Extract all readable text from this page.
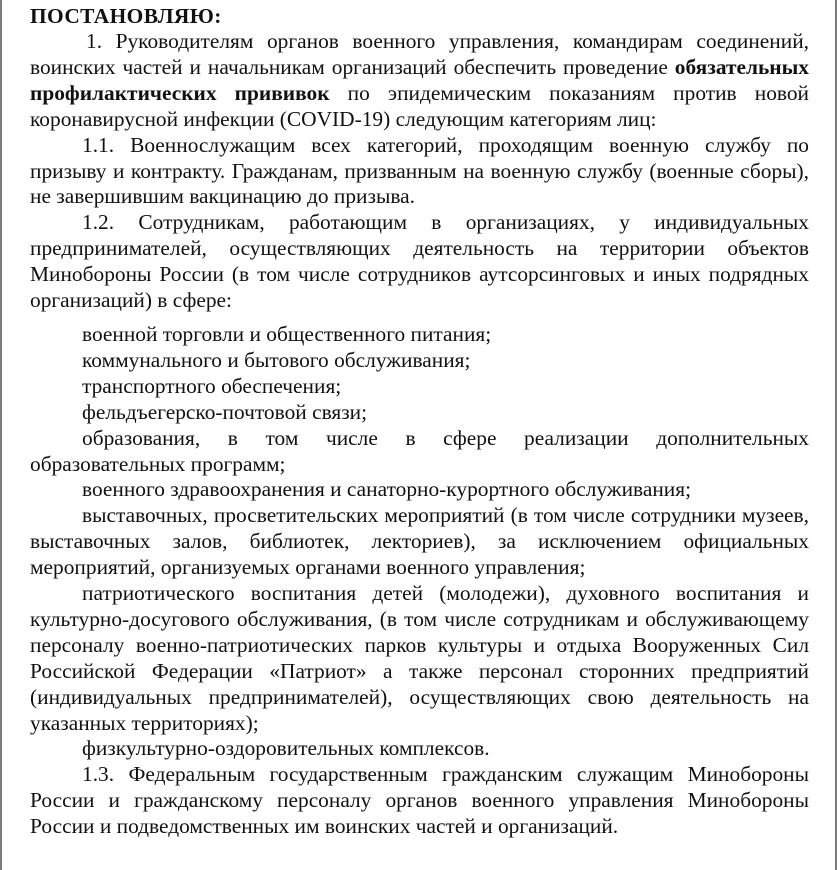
ПОСТАНОВЛЯЮ:

1. Руководителям органов военного управления, командирам соединений, воинских частей и начальникам организаций обеспечить проведение обязательных профилактических прививок по эпидемическим показаниям против новой коронавирусной инфекции (COVID-19) следующим категориям лиц:

1.1. Военнослужащим всех категорий, проходящим военную службу по призыву и контракту. Гражданам, призванным на военную службу (военные сборы), не завершившим вакцинацию до призыва.

1.2. Сотрудникам, работающим в организациях, у индивидуальных предпринимателей, осуществляющих деятельность на территории объектов Минобороны России (в том числе сотрудников аутсорсинговых и иных подрядных организаций) в сфере:

военной торговли и общественного питания;

коммунального и бытового обслуживания;

транспортного обеспечения;

фельдъегерско-почтовой связи;

образования, в том числе в сфере реализации дополнительных образовательных программ;

военного здравоохранения и санаторно-курортного обслуживания;

выставочных, просветительских мероприятий (в том числе сотрудники музеев, выставочных залов, библиотек, лекториев), за исключением официальных мероприятий, организуемых органами военного управления;

патриотического воспитания детей (молодежи), духовного воспитания и культурно-досугового обслуживания, (в том числе сотрудникам и обслуживающему персоналу военно-патриотических парков культуры и отдыха Вооруженных Сил Российской Федерации «Патриот» а также персонал сторонних предприятий (индивидуальных предпринимателей), осуществляющих свою деятельность на указанных территориях);

физкультурно-оздоровительных комплексов.

1.3. Федеральным государственным гражданским служащим Минобороны России и гражданскому персоналу органов военного управления Минобороны России и подведомственных им воинских частей и организаций.
